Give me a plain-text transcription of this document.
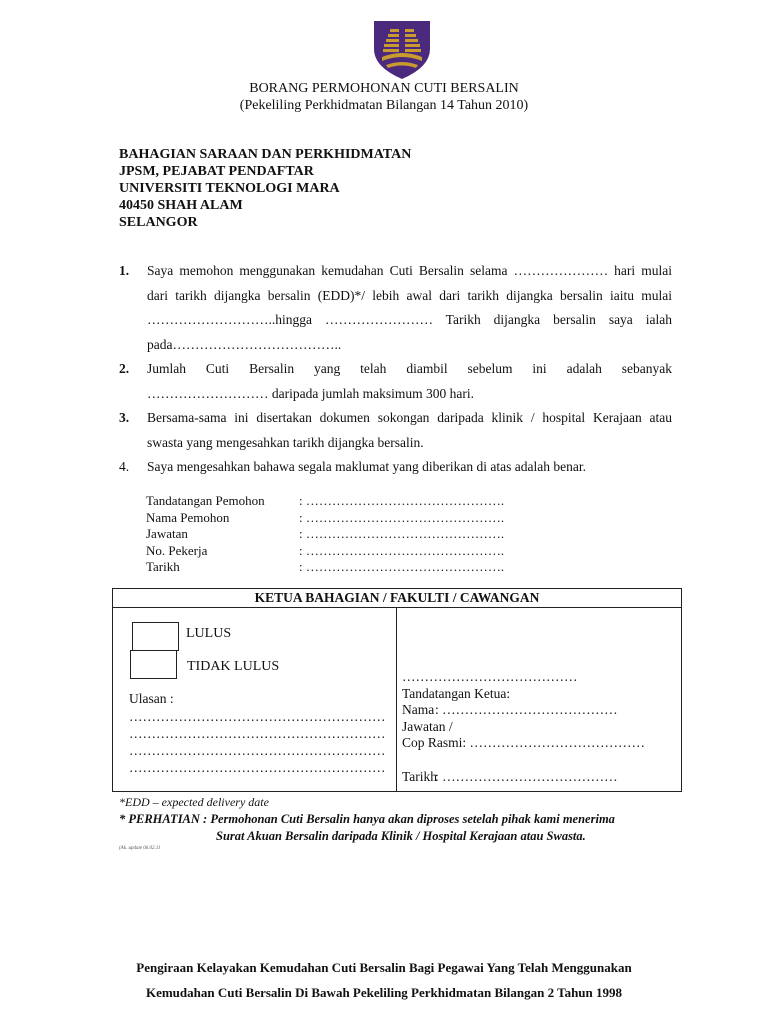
BORANG PERMOHONAN CUTI BERSALIN
(Pekeliling Perkhidmatan Bilangan 14 Tahun 2010)
BAHAGIAN SARAAN DAN PERKHIDMATAN
JPSM, PEJABAT PENDAFTAR
UNIVERSITI TEKNOLOGI MARA
40450 SHAH ALAM
SELANGOR
1. Saya memohon menggunakan kemudahan Cuti Bersalin selama ………………… hari mulai
dari tarikh dijangka bersalin (EDD)*/ lebih awal dari tarikh dijangka bersalin iaitu mulai
………………………..hingga …………………… Tarikh dijangka bersalin saya ialah
pada………………………………..
2. Jumlah Cuti Bersalin yang telah diambil sebelum ini adalah sebanyak
……………………… daripada jumlah maksimum 300 hari.
3. Bersama-sama ini disertakan dokumen sokongan daripada klinik / hospital Kerajaan atau
swasta yang mengesahkan tarikh dijangka bersalin.
4. Saya mengesahkan bahawa segala maklumat yang diberikan di atas adalah benar.
Tandatangan Pemohon	: ……………………………………….
Nama Pemohon	: ……………………………………….
Jawatan	: ……………………………………….
No. Pekerja	: ……………………………………….
Tarikh	: ……………………………………….
KETUA BAHAGIAN / FAKULTI / CAWANGAN
LULUS
TIDAK LULUS
Ulasan :
…………………………………………………
…………………………………………………
…………………………………………………
…………………………………………………
…………………………………
Tandatangan Ketua:
Nama : …………………………………
Jawatan /
Cop Rasmi: …………………………………
Tarikh
: …………………………………
*EDD – expected delivery date
* PERHATIAN : Permohonan Cuti Bersalin hanya akan diproses setelah pihak kami menerima
Surat Akuan Bersalin daripada Klinik / Hospital Kerajaan atau Swasta.
(Ak. update 06.02.11
Pengiraan Kelayakan Kemudahan Cuti Bersalin Bagi Pegawai Yang Telah Menggunakan
Kemudahan Cuti Bersalin Di Bawah Pekeliling Perkhidmatan Bilangan 2 Tahun 1998
